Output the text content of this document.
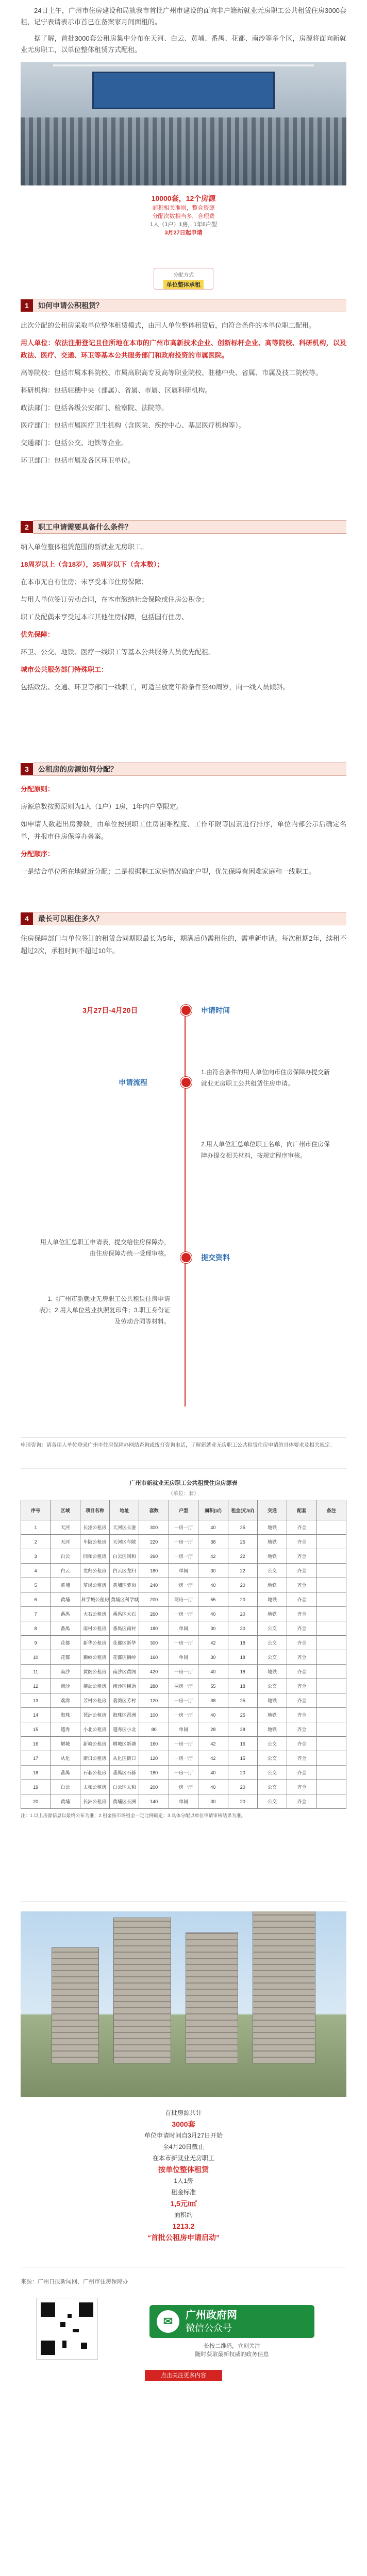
24日上午，广州市住房建设和局就我市首批广州市建设的面向非户籍新就业无房职工公共租赁住房3000套租，记宁表请表示市首已在备案家月间面租的。

据了解，首批3000套公租房集中分布在天河、白云、黄埔、番禺、花都、南沙等多个区，房源将面向新就业无房职工，以单位整体租赁方式配租。

10000套，12个房源
面积相关准则，整合资源
分配次数相当多，合理费
1人（1户）1房，1年6户型
3月27日起申请
分配方式
单位整体承租
1	如何申请公积租赁？

此次分配的公租房采取单位整体租赁模式，由用人单位整体租赁后，向符合条件的本单位职工配租。

用人单位：依法注册登记且住所地在本市的广州市高新技术企业、创新标杆企业、高等院校、科研机构，以及政法、医疗、交通、环卫等基本公共服务部门和政府投资的市属医院。

高等院校：包括市属本科院校、市属高职高专及高等职业院校、驻穗中央、省属、市属及技工院校等。

科研机构：包括驻穗中央（部属）、省属、市属、区属科研机构。

政法部门：包括各级公安部门、检察院、法院等。

医疗部门：包括市属医疗卫生机构（含医院、疾控中心、基层医疗机构等）。

交通部门：包括公交、地铁等企业。

环卫部门：包括市属及各区环卫单位。

2	职工申请需要具备什么条件？

纳入单位整体租赁范围的新就业无房职工。

18周岁以上（含18岁），35周岁以下（含本数）；

在本市无自有住房；未享受本市住房保障；

与用人单位签订劳动合同，在本市缴纳社会保险或住房公积金；

职工及配偶未享受过本市其他住房保障，包括国有住房、

优先保障：

环卫、公交、地铁、医疗一线职工等基本公共服务人员优先配租。

城市公共服务部门特殊职工：

包括政法、交通、环卫等部门一线职工，可适当放宽年龄条件至40周岁，向一线人员倾斜。

3	公租房的房源如何分配？

分配原则：

房源总数按照原则为1人（1户）1房，1年内户型限定。

如申请人数超出房源数，由单位按照职工住房困难程度、工作年限等因素进行排序，单位内部公示后确定名单，并报市住房保障办备案。

分配顺序：

一是结合单位所在地就近分配；二是根据职工家庭情况确定户型，优先保障有困难家庭和一线职工。

4	最长可以租住多久？

住房保障部门与单位签订的租赁合同期限最长为5年，期满后仍需租住的，需重新申请。每次租期2年，续租不超过2次，承租时间不超过10年。

3月27日-4月20日	申请时间
申请流程
1.由符合条件的用人单位向市住房保障办提交新就业无房职工公共租赁住房申请。
2.用人单位汇总单位职工名单，向广州市住房保障办提交相关材料，按规定程序审核。
用人单位汇总职工申请表，提交给住房保障办，由住房保障办统一受理审核。	提交资料
1.《广州市新就业无房职工公共租赁住房申请表》；2.用人单位营业执照复印件；3.职工身份证及劳动合同等材料。
申请咨询：请各用人单位登录广州市住房保障办网站查询或拨打咨询电话，了解新就业无房职工公共租赁住房申请的具体要求及相关规定。
广州市新就业无房职工公共租赁住房房源表
（单位：套）
序号	区域	项目名称	地址	套数	户型	面积(㎡)	租金(元/㎡)	交通	配套	备注
1	天河	长湴公租房	天河区长湴	300	一房一厅	40	25	地铁	齐全	
2	天河	车陂公租房	天河区车陂	220	一房一厅	38	25	地铁	齐全	
3	白云	同和公租房	白云区同和	260	一房一厅	42	22	地铁	齐全	
4	白云	龙归公租房	白云区龙归	180	单间	30	22	公交	齐全	
5	黄埔	萝岗公租房	黄埔区萝岗	240	一房一厅	40	20	地铁	齐全	
6	黄埔	科学城公租房	黄埔区科学城	200	两房一厅	55	20	地铁	齐全	
7	番禺	大石公租房	番禺区大石	260	一房一厅	40	20	地铁	齐全	
8	番禺	南村公租房	番禺区南村	180	单间	30	20	公交	齐全	
9	花都	新华公租房	花都区新华	300	一房一厅	42	18	公交	齐全	
10	花都	狮岭公租房	花都区狮岭	160	单间	30	18	公交	齐全	
11	南沙	黄阁公租房	南沙区黄阁	420	一房一厅	40	18	地铁	齐全	
12	南沙	横沥公租房	南沙区横沥	280	两房一厅	55	18	公交	齐全	
13	荔湾	芳村公租房	荔湾区芳村	120	一房一厅	38	25	地铁	齐全	
14	海珠	琶洲公租房	海珠区琶洲	100	一房一厅	40	25	地铁	齐全	
15	越秀	小北公租房	越秀区小北	80	单间	28	28	地铁	齐全	
16	增城	新塘公租房	增城区新塘	160	一房一厅	42	16	公交	齐全	
17	从化	街口公租房	从化区街口	120	一房一厅	42	15	公交	齐全	
18	番禺	石碁公租房	番禺区石碁	180	一房一厅	40	20	公交	齐全	
19	白云	太和公租房	白云区太和	200	一房一厅	40	20	公交	齐全	
20	黄埔	长洲公租房	黄埔区长洲	140	单间	30	20	公交	齐全	
注：1.以上房源信息以最终公布为准；2.租金按市场租金一定比例确定；3.具体分配以单位申请审核结果为准。
首批房源共计
3000套
单位申请时间自3月27日开始
至4月20日截止
在本市新就业无房职工
按单位整体租赁
1人1房
租金标准
1,5元/㎡
面积约
1213.2
“首批公租房申请启动”
来源：广州日报新闻网、广州市住房保障办
✉	广州政府网
微信公众号
长按二维码，立刻关注
随时获取最新权威的政务信息
点击关注更多内容
